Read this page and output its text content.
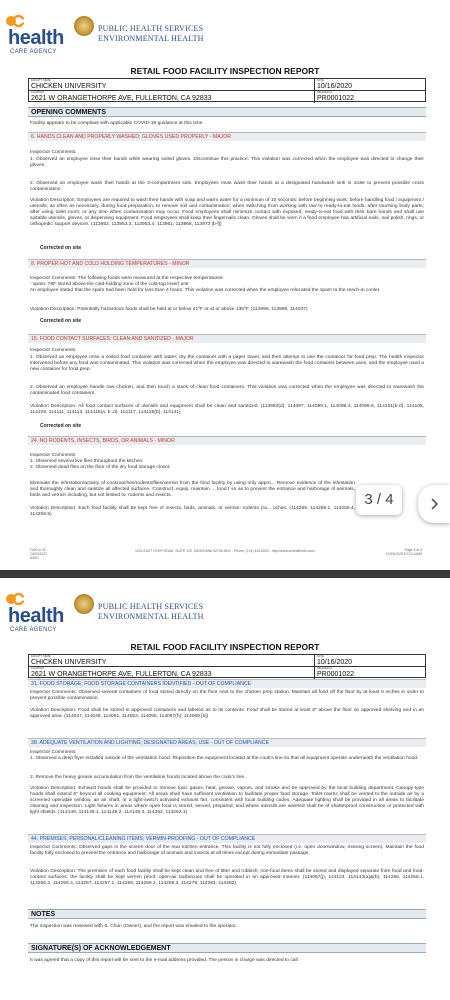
health
CARE AGENCY
PUBLIC HEALTH SERVICES
ENVIRONMENTAL HEALTH
RETAIL FOOD FACILITY INSPECTION REPORT
FACILITY NAME
CHICKEN UNIVERSITY
DATE
10/16/2020
LOCATION
2621 W ORANGETHORPE AVE, FULLERTON, CA 92833
RELATED ID
PR0001022
OPENING COMMENTS
Facility appears to be compliant with applicable COVID-19 guidance at this time.
6. HANDS CLEAN AND PROPERLY WASHED; GLOVES USED PROPERLY - MAJOR
Inspector Comments:
1. Observed an employee rinse their hands while wearing soiled gloves. Discontinue this practice. This violation was corrected when the employee was directed to change their gloves.
2. Observed an employee wash their hands at the 3-compartment sink. Employees must wash their hands at a designated handwash sink in order to prevent possible cross contamination.
Violation Description: Employees are required to wash their hands with soap and warm water for a minimum of 10 seconds: before beginning work; before handling food / equipment / utensils; as often as necessary, during food preparation, to remove soil and contamination; when switching from working with raw to ready-to-eat foods, after touching body parts; after using toilet room; or any time when contamination may occur. Food employees shall minimize contact with exposed, ready-to-eat food with their bare hands and shall use suitable utensils, gloves, or dispensing equipment. Food employees shall keep their fingernails clean. Gloves shall be worn if a food employee has artificial nails, nail polish, rings, or orthopedic support devices. (113952, 113953.3, 113953.4, 113961, 113968, 113973 [b-f])
Corrected on site
8. PROPER HOT AND COLD HOLDING TEMPERATURES - MINOR
Inspector Comments: The following foods were measured at the respective temperatures:
- spam: 78F stored above the cold-holding zone of the cold-top insert unit
An employee stated that the spam had been held for less than 4 hours. This violation was corrected when the employee relocated the spam to the reach-in cooler.
Violation Description: Potentially hazardous foods shall be held at or below 41ºF or at or above 135ºF. (113996, 113998, 114037)
Corrected on site
15. FOOD CONTACT SURFACES: CLEAN AND SANITIZED - MAJOR
Inspector Comments:
1. Observed an employee rinse a soiled food container with water, dry the container with a paper towel, and then attempt to use the container for food prep. The health inspector intervened before any food was contaminated. This violation was corrected when the employee was directed to warewash the food container between uses, and the employee used a new container for food prep.
2. Observed an employee handle raw chicken, and then touch a stack of clean food containers. This violation was corrected when the employee was directed to warewash the contaminated food containers.
Violation Description: All food contact surfaces of utensils and equipment shall be clean and sanitized. (113984(d), 114097, 114099.1, 114099.4, 114099.6, 114101(b-d), 114105, 114109, 114111, 114113, 114115(a, b ,d), 114117, 114125(b), 114141)
Corrected on site
24. NO RODENTS, INSECTS, BIRDS, OR ANIMALS - MINOR
Inspector Comments:
1. Observed several live flies throughout the kitchen.
2. Observed dead flies on the floor of the dry food storage closet.
Eliminate the infestation/activity of cockroaches/rodents/flies/vermin from the food facility by using only appro... Remove evidence of the infestation and thoroughly clean and sanitize all affected surfaces. Construct, equip, maintain ... food f so as to prevent the entrance and harborage of animals, birds and vermin including, but not limited to, rodents and insects.
Violation Description: Each food facility shall be kept free of insects, birds, animals, or vermin: rodents (ra... oches, (114259, 114259.1, 114259.4, 114259.5)
FA00 or 02
CA0001022
8/16/1
1241 EAST DYER ROAD, SUITE 120, SANTA ANA 92705-5611 - Phone: (714) 433-6000 - http://www.ochealthinfo.com/	Page 3 of 4
10/19/2020 10:13:14AM
3 / 4
health
CARE AGENCY
PUBLIC HEALTH SERVICES
ENVIRONMENTAL HEALTH
RETAIL FOOD FACILITY INSPECTION REPORT
FACILITY NAME
CHICKEN UNIVERSITY
DATE
10/16/2020
LOCATION
2621 W ORANGETHORPE AVE, FULLERTON, CA 92833
RELATED ID
PR0001022
31. FOOD STORAGE; FOOD STORAGE CONTAINERS IDENTIFIED - OUT OF COMPLIANCE
Inspector Comments: Observed several containers of food stored directly on the floor next to the chicken prep station. Maintain all food off the floor by at least 6 inches in order to prevent possible contamination.
Violation Description: Food shall be stored in approved containers and labeled as to its contents. Food shall be stored at least 6" above the floor on approved shelving and in an approved area. (114047, 114049, 114051, 114053, 114055, 114067(h), 114069 [b])
38. ADEQUATE VENTILATION AND LIGHTING; DESIGNATED AREAS, USE - OUT OF COMPLIANCE
Inspector Comments:
1. Observed a deep fryer installed outside of the ventilation hood. Reposition the equipment located at the cook's line so that all equipment operate underneath the ventilation hood.
2. Remove the heavy grease accumulation from the ventilation hoods located above the cook's line.
Violation Description: Exhaust hoods shall be provided to remove toxic gases, heat, grease, vapors, and smoke and be approved by the local building department. Canopy-type hoods shall extend 6" beyond all cooking equipment. All areas shall have sufficient ventilation to facilitate proper food storage. Toilet rooms shall be vented to the outside air by a screened openable window, an air shaft, or a light-switch activated exhaust fan, consistent with local building codes. Adequate lighting shall be provided in all areas to facilitate cleaning and inspection. Light fixtures in areas where open food is stored, served, prepared, and where utensils are washed shall be of shatterproof construction or protected with light shields. (114149, 114149.1, 114149.2, 114149.3, 114252, 114252.1)
44. PREMISES; PERSONAL/CLEANING ITEMS; VERMIN-PROOFING - OUT OF COMPLIANCE
Inspector Comments: Observed gaps in the screen door of the rear kitchen entrance. This facility is not fully enclosed (i.e. open door/window, missing screen). Maintain the food facility fully enclosed to prevent the entrance and harborage of animals and insects at all times except during immediate passage.
Violation Description: The premises of each food facility shall be kept clean and free of litter and rubbish; non-food items shall be stored and displayed separate from food and food-contact surfaces; the facility shall be kept vermin proof; open-air barbecues shall be operated in an approved manner. (114067(j), 114123, 114143(a)&(b), 114256, 114256.1, 114256.2, 114256.4, 114257, 114257.1, 114259, 114259.2, 114259.3, 114279, 114281, 114282)
NOTES
The inspection was reviewed with S. Chun (Owner), and the report was emailed to the operator.
SIGNATURE(S) OF ACKNOWLEDGEMENT
It was agreed that a copy of this report will be sent to the e-mail address provided. The person in charge was directed to call
